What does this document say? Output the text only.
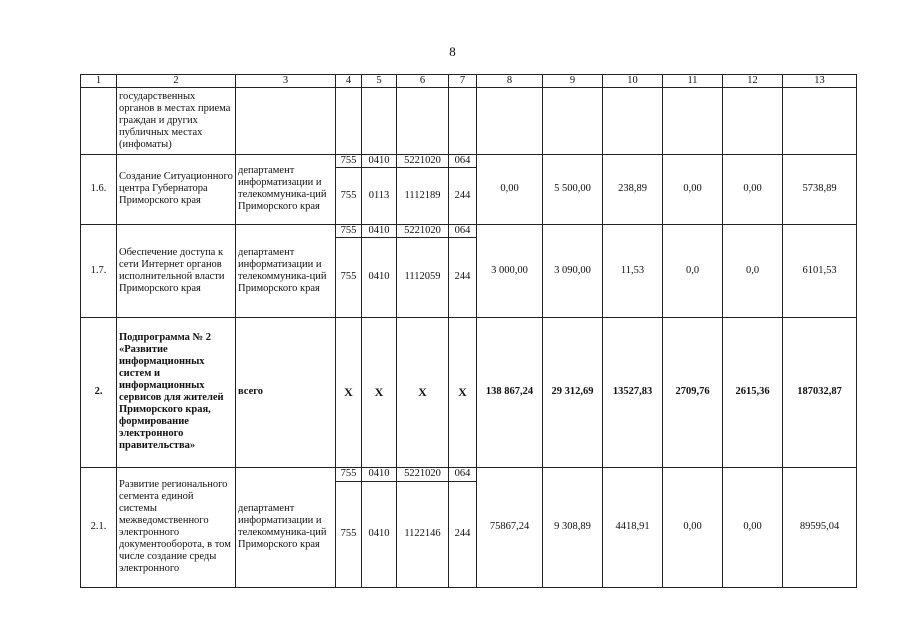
8
1	2	3	4	5	6	7	8	9	10	11	12	13
	государственных органов в местах приема граждан и других публичных местах (инфоматы)											
1.6.	Создание Ситуационного центра Губернатора Приморского края	департамент информатизации и телекоммуника-ций Приморского края	755	0410	5221020	064	0,00	5 500,00	238,89	0,00	0,00	5738,89
			755	0113	1112189	244						
1.7.	Обеспечение доступа к сети Интернет органов исполнительной власти Приморского края	департамент информатизации и телекоммуника-ций Приморского края	755	0410	5221020	064	3 000,00	3 090,00	11,53	0,0	0,0	6101,53
			755	0410	1112059	244						
2.	Подпрограмма № 2 «Развитие информационных систем и информационных сервисов для жителей Приморского края, формирование электронного правительства»	всего	X	X	X	X	138 867,24	29 312,69	13527,83	2709,76	2615,36	187032,87
2.1.	Развитие регионального сегмента единой системы межведомственного электронного документооборота, в том числе создание среды электронного	департамент информатизации и телекоммуника-ций Приморского края	755	0410	5221020	064	75867,24	9 308,89	4418,91	0,00	0,00	89595,04
			755	0410	1122146	244						
